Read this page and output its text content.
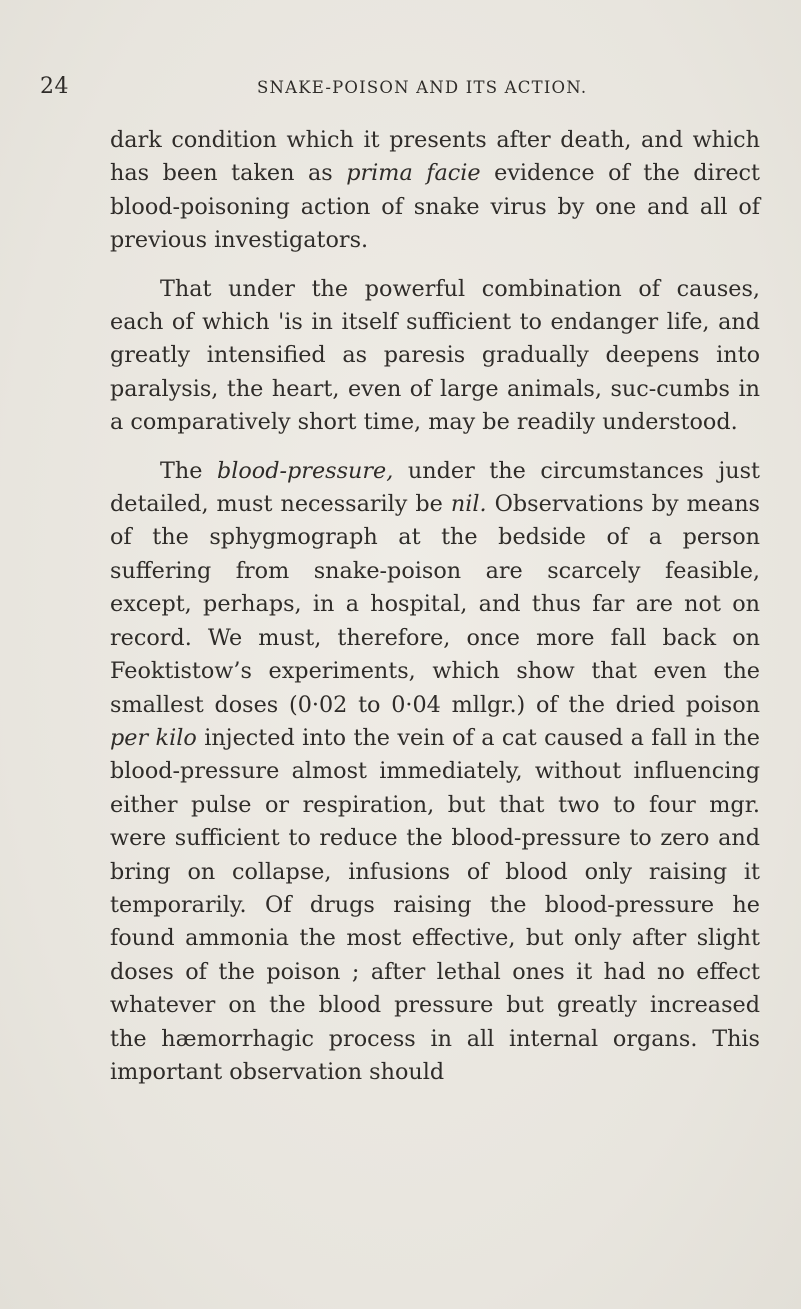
24	SNAKE-POISON AND ITS ACTION.

dark condition which it presents after death, and which has been taken as prima facie evidence of the direct blood-poisoning action of snake virus by one and all of previous investigators.

That under the powerful combination of causes, each of which 'is in itself sufficient to endanger life, and greatly intensified as paresis gradually deepens into paralysis, the heart, even of large animals, suc-cumbs in a comparatively short time, may be readily understood.

The blood-pressure, under the circumstances just detailed, must necessarily be nil. Observations by means of the sphygmograph at the bedside of a person suffering from snake-poison are scarcely feasible, except, perhaps, in a hospital, and thus far are not on record. We must, therefore, once more fall back on Feoktistow’s experiments, which show that even the smallest doses (0·02 to 0·04 mllgr.) of the dried poison per kilo injected into the vein of a cat caused a fall in the blood-pressure almost immediately, without influencing either pulse or respiration, but that two to four mgr. were sufficient to reduce the blood-pressure to zero and bring on collapse, infusions of blood only raising it temporarily. Of drugs raising the blood-pressure he found ammonia the most effective, but only after slight doses of the poison ; after lethal ones it had no effect whatever on the blood pressure but greatly increased the hæmorrhagic process in all internal organs. This important observation should
